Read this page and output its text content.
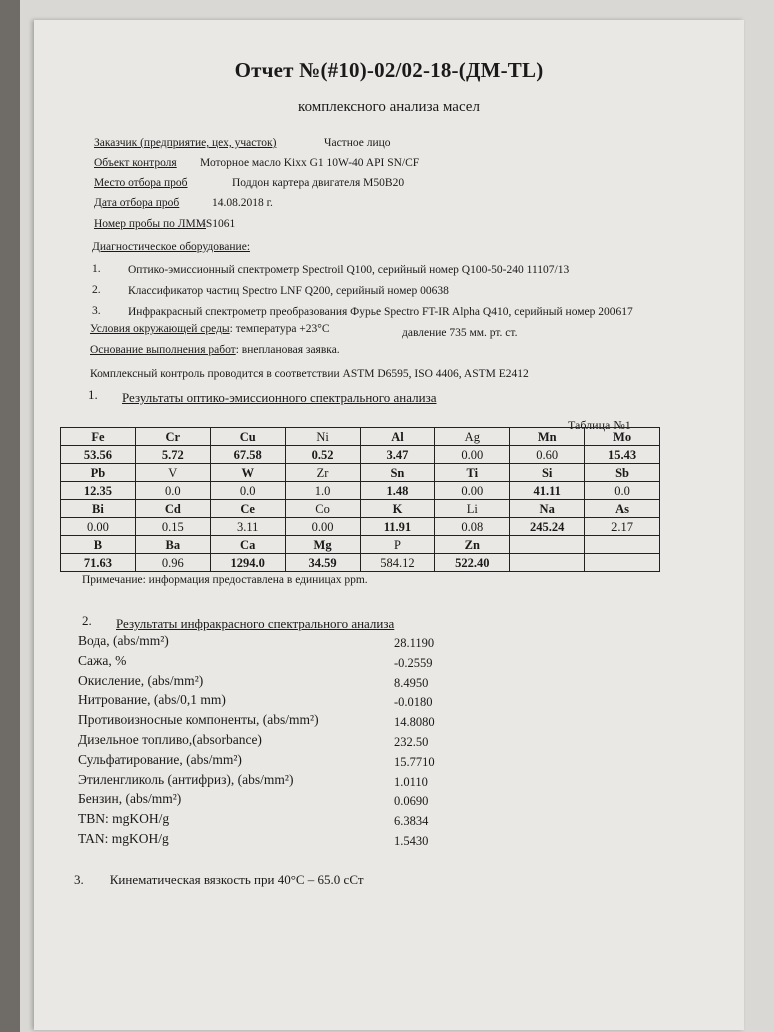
Отчет №(#10)-02/02-18-(ДМ-TL)
комплексного анализа масел
Заказчик (предприятие, цех, участок)	Частное лицо
Объект контроля Моторное масло Kixx G1 10W-40 API SN/CF
Место отбора проб	Поддон картера двигателя M50B20
Дата отбора проб	14.08.2018 г.
Номер пробы по ЛММ
-S1061
Диагностическое оборудование:
1. Оптико-эмиссионный спектрометр Spectroil Q100, серийный номер Q100-50-240 11107/13
2. Классификатор частиц Spectro LNF Q200, серийный номер 00638
3. Инфракрасный спектрометр преобразования Фурье Spectro FT-IR Alpha Q410, серийный номер 200617
Условия окружающей среды: температура +23°С	давление 735 мм. рт. ст.
Основание выполнения работ: внеплановая заявка.
Комплексный контроль проводится в соответствии ASTM D6595, ISO 4406, ASTM E2412
1. Результаты оптико-эмиссионного спектрального анализа
Таблица №1
Fe	Cr	Cu	Ni	Al	Ag	Mn	Mo
53.56	5.72	67.58	0.52	3.47	0.00	0.60	15.43
Pb	V	W	Zr	Sn	Ti	Si	Sb
12.35	0.0	0.0	1.0	1.48	0.00	41.11	0.0
Bi	Cd	Ce	Co	K	Li	Na	As
0.00	0.15	3.11	0.00	11.91	0.08	245.24	2.17
B	Ba	Ca	Mg	P	Zn		
71.63	0.96	1294.0	34.59	584.12	522.40		
Примечание: информация предоставлена в единицах ppm.
2. Результаты инфракрасного спектрального анализа
Вода, (abs/mm²)	28.1190
Сажа, %	-0.2559
Окисление, (abs/mm²)	8.4950
Нитрование, (abs/0,1 mm)	-0.0180
Противоизносные компоненты, (abs/mm²)	14.8080
Дизельное топливо,(absorbance)	232.50
Сульфатирование, (abs/mm²)	15.7710
Этиленгликоль (антифриз), (abs/mm²)	1.0110
Бензин, (abs/mm²)	0.0690
TBN: mgKOH/g	6.3834
TAN: mgKOH/g	1.5430
3. Кинематическая вязкость при 40°С – 65.0 сСт
